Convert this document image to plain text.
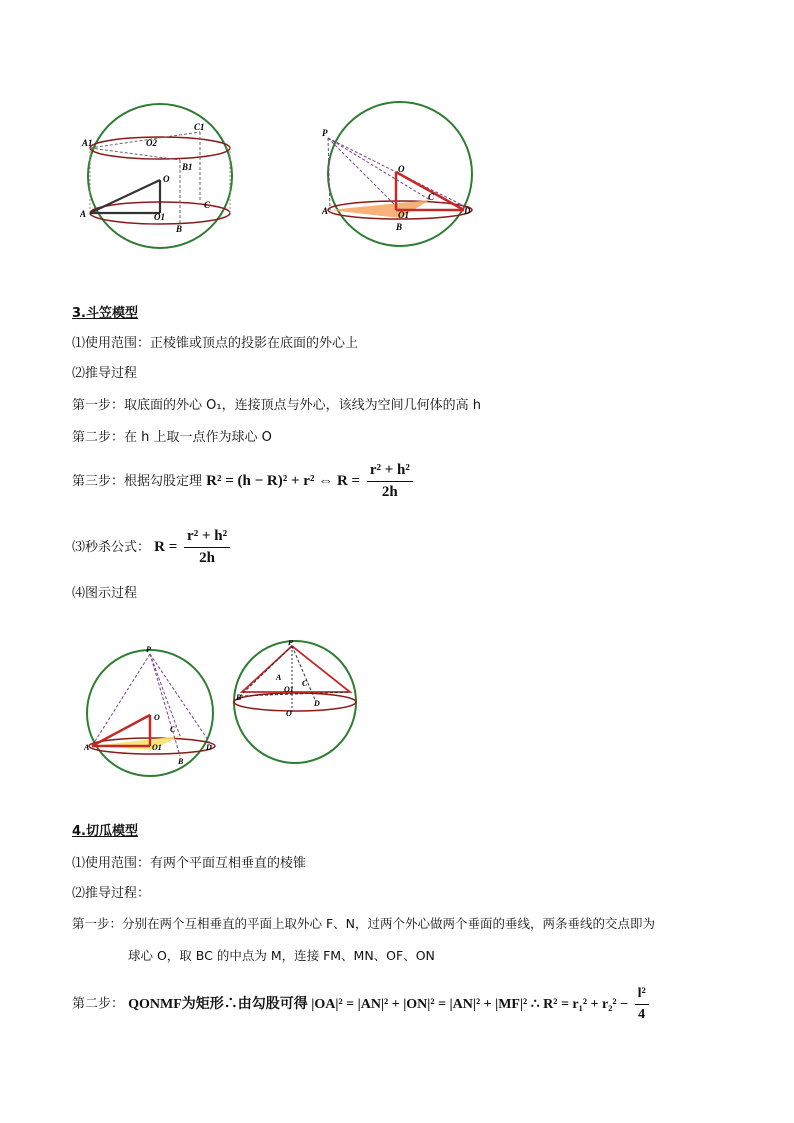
A1	O2
C1
B1
O
A	O1
C
B
P
O
C
A	O1	D
B
3.斗笠模型
⑴使用范围：正棱锥或顶点的投影在底面的外心上
⑵推导过程
第一步：取底面的外心 O₁，连接顶点与外心，该线为空间几何体的高 h
第二步：在 h 上取一点作为球心 O
第三步：根据勾股定理 R² = (h − R)² + r² ⇔ $R = \frac{\text{r² + h²}}{2h}$
⑶秒杀公式： $R = \frac{\text{r² + h²}}{2h}$
⑷图示过程
P
O
C
A	O1	D
B
P
A
O1
C
B
D
O
4.切瓜模型
⑴使用范围：有两个平面互相垂直的棱锥
⑵推导过程：
第一步：分别在两个互相垂直的平面上取外心 F、N，过两个外心做两个垂面的垂线，两条垂线的交点即为
球心 O，取 BC 的中点为 M，连接 FM、MN、OF、ON
第二步： QONMF为矩形∴由勾股可得 |OA|² = |AN|² + |ON|² = |AN|² + |MF|² ∴ $R^2 = r_1^2 + r_2^2 - \frac{\text{l²}}{4}$
